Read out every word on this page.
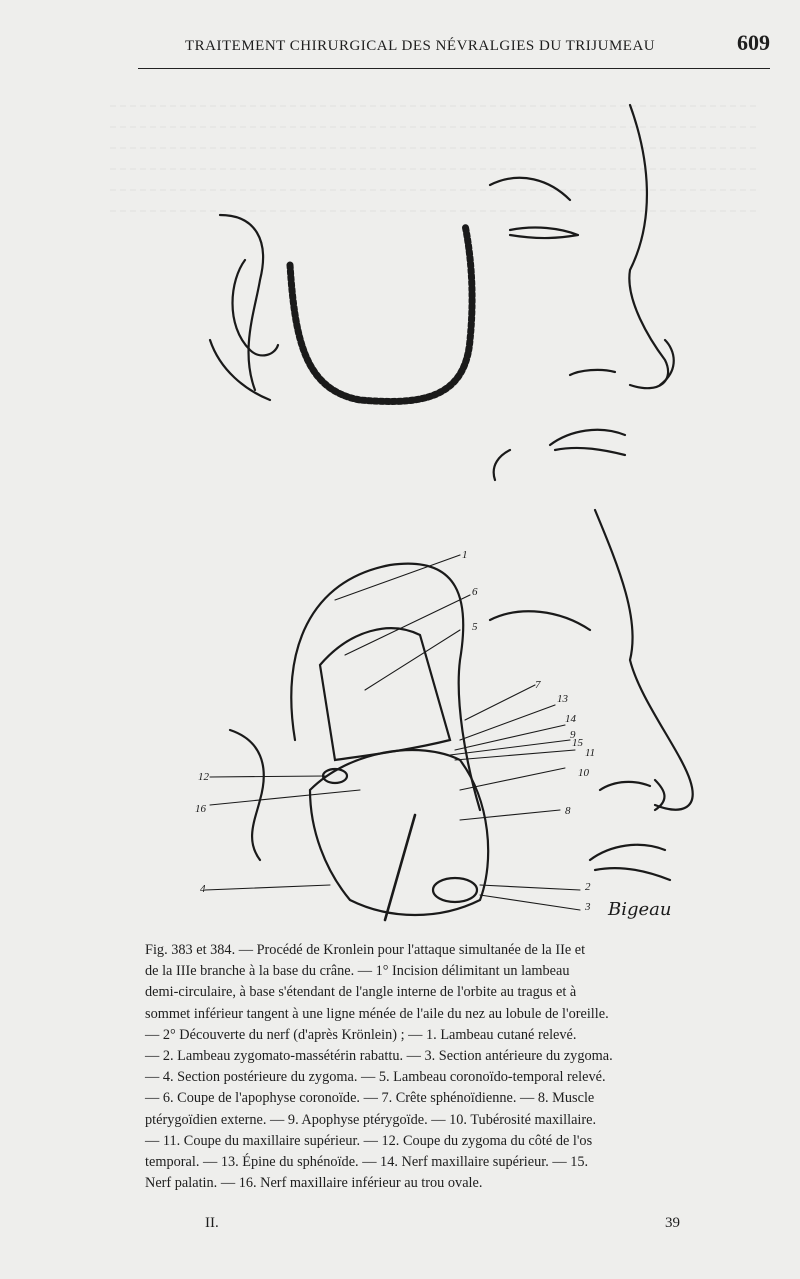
TRAITEMENT CHIRURGICAL DES NÉVRALGIES DU TRIJUMEAU	609
1
2
3
4
5
6
7
8
9
10
11
12
13
14
15
16
Bigeau
Fig. 383 et 384. — Procédé de Kronlein pour l'attaque simultanée de la IIe et
de la IIIe branche à la base du crâne. — 1° Incision délimitant un lambeau
demi-circulaire, à base s'étendant de l'angle interne de l'orbite au tragus et à
sommet inférieur tangent à une ligne ménée de l'aile du nez au lobule de l'oreille.
— 2° Découverte du nerf (d'après Krönlein) ; — 1. Lambeau cutané relevé.
— 2. Lambeau zygomato-massétérin rabattu. — 3. Section antérieure du zygoma.
— 4. Section postérieure du zygoma. — 5. Lambeau coronoïdo-temporal relevé.
— 6. Coupe de l'apophyse coronoïde. — 7. Crête sphénoïdienne. — 8. Muscle
ptérygoïdien externe. — 9. Apophyse ptérygoïde. — 10. Tubérosité maxillaire.
— 11. Coupe du maxillaire supérieur. — 12. Coupe du zygoma du côté de l'os
temporal. — 13. Épine du sphénoïde. — 14. Nerf maxillaire supérieur. — 15.
Nerf palatin. — 16. Nerf maxillaire inférieur au trou ovale.
II.	39
